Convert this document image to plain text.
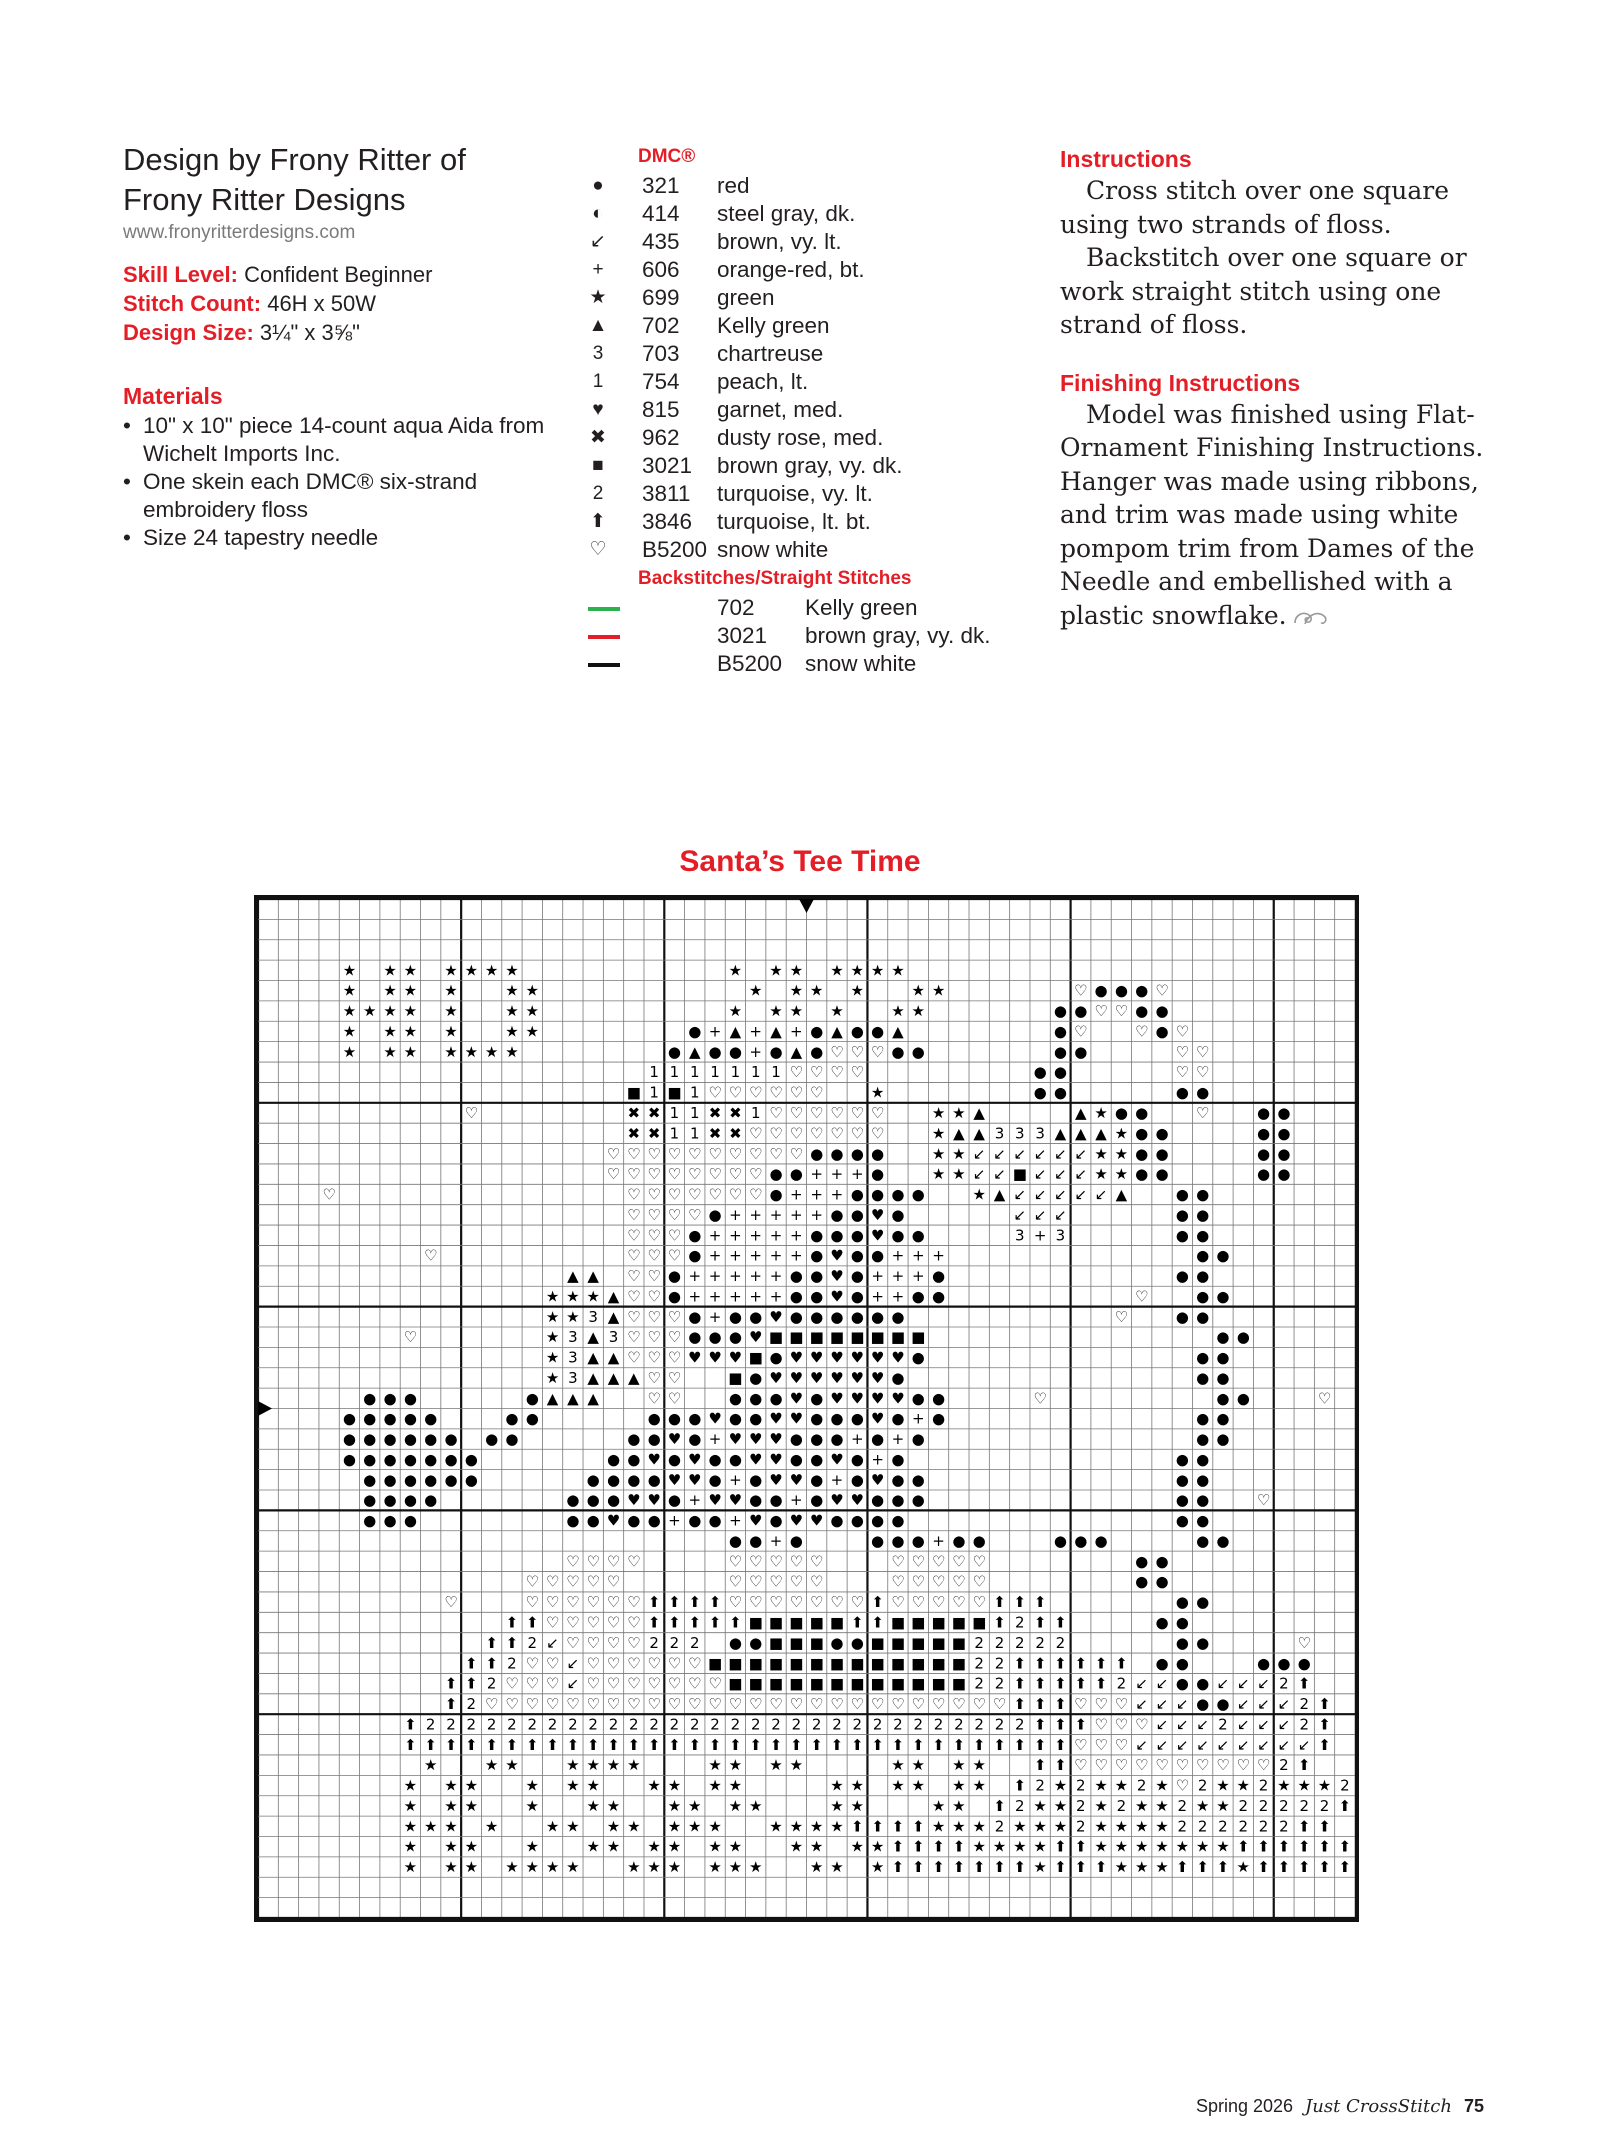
Design by Frony Ritter of
Frony Ritter Designs
www.fronyritterdesigns.com
Skill Level: Confident Beginner
Stitch Count: 46H x 50W
Design Size: 3¼" x 3⅝"
Materials
• 10" x 10" piece 14-count aqua Aida from Wichelt Imports Inc.
• One skein each DMC® six-strand embroidery floss
• Size 24 tapestry needle
DMC®
●	321 red
◐	414 steel gray, dk.
↙	435 brown, vy. lt.
+	606 orange-red, bt.
★	699 green
▲	702 Kelly green
3	703 chartreuse
1	754 peach, lt.
♥	815 garnet, med.
✖	962 dusty rose, med.
■	3021 brown gray, vy. dk.
2	3811 turquoise, vy. lt.
⬆	3846 turquoise, lt. bt.
♡	B5200 snow white
Backstitches/Straight Stitches
702 Kelly green
3021 brown gray, vy. dk.
B5200 snow white
Instructions

Cross stitch over one square using two strands of floss.

Backstitch over one square or work straight stitch using one strand of floss.

Finishing Instructions

Model was finished using Flat-Ornament Finishing Instructions. Hanger was made using ribbons, and trim was made using white pompom trim from Dames of the Needle and embellished with a plastic snowflake.

Santa’s Tee Time
★ ★ ★ ★ ★ ★ ★	★ ★ ★ ★ ★ ★ ★
★ ★ ★ ★	★ ★	★ ★ ★ ★	★ ★	♡ ● ● ● ♡
★ ★ ★ ★ ★	★ ★	★ ★ ★ ★	★ ★	● ● ♡ ♡ ● ●
★ ★ ★ ★	★ ★	● + ▲ + ▲ + ● ▲ ● ● ▲	● ♡	♡ ● ♡
★ ★ ★ ★ ★ ★ ★	● ▲ ● ● + ● ▲ ● ♡ ♡ ♡ ● ●	● ●	♡ ♡
1 1 1 1 1 1 1 ♡ ♡ ♡ ♡	● ●	♡ ♡
■ 1 ■ 1 ♡ ♡ ♡ ♡ ♡ ♡	★	● ●	● ●
♡	✖ ✖ 1 1 ✖ ✖ 1 ♡ ♡ ♡ ♡ ♡ ♡	★ ★ ▲	▲ ★ ● ●	♡	● ●
✖ ✖ 1 1 ✖ ✖ ♡ ♡ ♡ ♡ ♡ ♡ ♡	★ ▲ ▲ 3 3 3 ▲ ▲ ▲ ★ ● ●	● ●
♡ ♡ ♡ ♡ ♡ ♡ ♡ ♡ ♡ ♡ ● ● ● ●	★ ★ ↙ ↙ ↙ ↙ ↙ ↙ ★ ★ ● ●	● ●
♡ ♡ ♡ ♡ ♡ ♡ ♡ ♡ ● ● + + + ●	★ ★ ↙ ↙ ■ ↙ ↙ ↙ ★ ★ ● ●	● ●
♡	♡ ♡ ♡ ♡ ♡ ♡ ♡ ● + + + ● ● ● ●	★ ▲ ↙ ↙ ↙ ↙ ↙ ▲	● ●
♡ ♡ ♡ ♡ ● + + + + + ● ● ♥ ●	↙ ↙ ↙	● ●
♡ ♡ ♡ ● + + + + + ● ● ● ♥ ● ●	3 + 3	● ●
♡	♡ ♡ ♡ ● + + + + + ● ♥ ● ● + + +	● ●
▲ ▲ ♡ ♡ ● + + + + + ● ● ♥ ● + + + ●	● ●
★ ★ ★ ▲ ♡ ♡ ● + + + + + ● ● ♥ ● + + ● ●	♡	● ●
★ ★ 3 ▲ ♡ ♡ ♡ ● + ● ● ♥ ● ● ● ● ● ●	♡	● ●
♡	★ 3 ▲ 3 ♡ ♡ ♡ ● ● ● ♥ ■ ■ ■ ■ ■ ■ ■ ■	● ●
★ 3 ▲ ▲ ♡ ♡ ♡ ♥ ♥ ♥ ■ ● ♥ ♥ ♥ ♥ ♥ ♥ ●	● ●
★ 3 ▲ ▲ ▲ ♡ ♡	■ ● ♥ ♥ ♥ ♥ ♥ ♥ ●	● ●
● ● ●	● ▲ ▲ ▲	♡ ♡	● ● ● ♥ ● ♥ ♥ ♥ ♥ ● ●	♡	● ●	♡
● ● ● ● ●	● ●	● ● ● ♥ ● ● ♥ ♥ ● ● ● ♥ ● + ●	● ●
● ● ● ● ● ● ● ●	● ● ♥ ● + ♥ ♥ ♥ ● ● ● + ● + ●	● ●
● ● ● ● ● ● ●	● ● ♥ ● ♥ ● ● ♥ ♥ ● ● ♥ ● + ●	● ●
● ● ● ● ● ●	● ● ● ● ♥ ♥ ● + ● ♥ ♥ ● + ● ♥ ● ●	● ●
● ● ● ●	● ● ● ♥ ♥ ● + ♥ ♥ ● ● + ● ♥ ♥ ● ● ●	● ●	♡
● ● ●	● ● ♥ ● ● + ● ● + ♥ ● ♥ ♥ ● ● ● ●	● ●
● ● + ●	● ● ● + ● ●	● ● ●	● ●
♡ ♡ ♡ ♡	♡ ♡ ♡ ♡ ♡	♡ ♡ ♡ ♡ ♡	● ●
♡ ♡ ♡ ♡ ♡	♡ ♡ ♡ ♡ ♡	♡ ♡ ♡ ♡ ♡	● ●
♡	♡ ♡ ♡ ♡ ♡ ♡ ⬆ ⬆ ⬆ ⬆ ♡ ♡ ♡ ♡ ♡ ♡ ♡ ⬆ ♡ ♡ ♡ ♡ ♡ ⬆ ⬆ ⬆	● ●
⬆ ⬆ ♡ ♡ ♡ ♡ ♡ ⬆ ⬆ ⬆ ⬆ ⬆ ■ ■ ■ ■ ■ ⬆ ⬆ ■ ■ ■ ■ ■ ⬆ 2 ⬆ ⬆	● ●
⬆ ⬆ 2 ↙ ♡ ♡ ♡ ♡ 2 2 2 ● ● ■ ■ ■ ● ● ■ ■ ■ ■ ■ 2 2 2 2 2	● ●	♡
⬆ ⬆ 2 ♡ ♡ ↙ ♡ ♡ ♡ ♡ ♡ ♡ ■ ■ ■ ■ ■ ■ ■ ■ ■ ■ ■ ■ ■ 2 2 ⬆ ⬆ ⬆ ⬆ ⬆ ⬆ ● ●	● ● ●
⬆ ⬆ 2 ♡ ♡ ♡ ↙ ♡ ♡ ♡ ♡ ♡ ♡ ♡ ■ ■ ■ ■ ■ ■ ■ ■ ■ ■ ■ ■ 2 2 ⬆ ⬆ ⬆ ⬆ ⬆ 2 ↙ ↙ ● ● ↙ ↙ ↙ 2 ⬆
⬆ 2 ♡ ♡ ♡ ♡ ♡ ♡ ♡ ♡ ♡ ♡ ♡ ♡ ♡ ♡ ♡ ♡ ♡ ♡ ♡ ♡ ♡ ♡ ♡ ♡ ♡ ♡ ⬆ ⬆ ⬆ ♡ ♡ ♡ ↙ ↙ ↙ ● ● ↙ ↙ ↙ 2 ⬆
⬆ 2 2 2 2 2 2 2 2 2 2 2 2 2 2 2 2 2 2 2 2 2 2 2 2 2 2 2 2 2 2 ⬆ ⬆ ⬆ ♡ ♡ ♡ ↙ ↙ ↙ 2 ↙ ↙ ↙ 2 ⬆
⬆ ⬆ ⬆ ⬆ ⬆ ⬆ ⬆ ⬆ ⬆ ⬆ ⬆ ⬆ ⬆ ⬆ ⬆ ⬆ ⬆ ⬆ ⬆ ⬆ ⬆ ⬆ ⬆ ⬆ ⬆ ⬆ ⬆ ⬆ ⬆ ⬆ ⬆ ⬆ ⬆ ♡ ♡ ♡ ↙ ↙ ↙ ↙ ↙ ↙ ↙ ↙ ↙ ⬆
★	★ ★	★ ★ ★ ★	★ ★ ★ ★	★ ★ ★ ★	⬆ ⬆ ♡ ♡ ♡ ♡ ♡ ♡ ♡ ♡ ♡ ♡ 2 ⬆
★ ★ ★	★ ★ ★	★ ★ ★ ★	★ ★ ★ ★ ★ ★ ⬆ 2 ★ 2 ★ ★ 2 ★ ♡ 2 ★ ★ 2 ★ ★ ★ 2
★ ★ ★	★	★ ★	★ ★ ★ ★	★ ★	★ ★ ⬆ 2 ★ ★ 2 ★ 2 ★ ★ 2 ★ ★ 2 2 2 2 2 ⬆
★ ★ ★ ★	★ ★ ★ ★ ★ ★ ★	★ ★ ★ ★ ⬆ ⬆ ⬆ ⬆ ★ ★ ★ 2 ★ ★ ★ 2 ★ ★ ★ ★ 2 2 2 2 2 2 ⬆ ⬆
★ ★ ★	★	★ ★ ★ ★ ★ ★	★ ★ ★ ★ ⬆ ⬆ ⬆ ⬆ ★ ★ ★ ★ ⬆ ⬆ ★ ★ ★ ★ ★ ★ ★ ⬆ ⬆ ⬆ ⬆ ⬆ ⬆
★ ★ ★ ★ ★ ★ ★	★ ★ ★ ★ ★ ★	★ ★ ★ ⬆ ⬆ ⬆ ⬆ ⬆ ⬆ ⬆ ★ ⬆ ⬆ ⬆ ★ ★ ★ ⬆ ⬆ ⬆ ★ ⬆ ⬆ ⬆ ⬆ ⬆
Spring 2026 Just CrossStitch 75
